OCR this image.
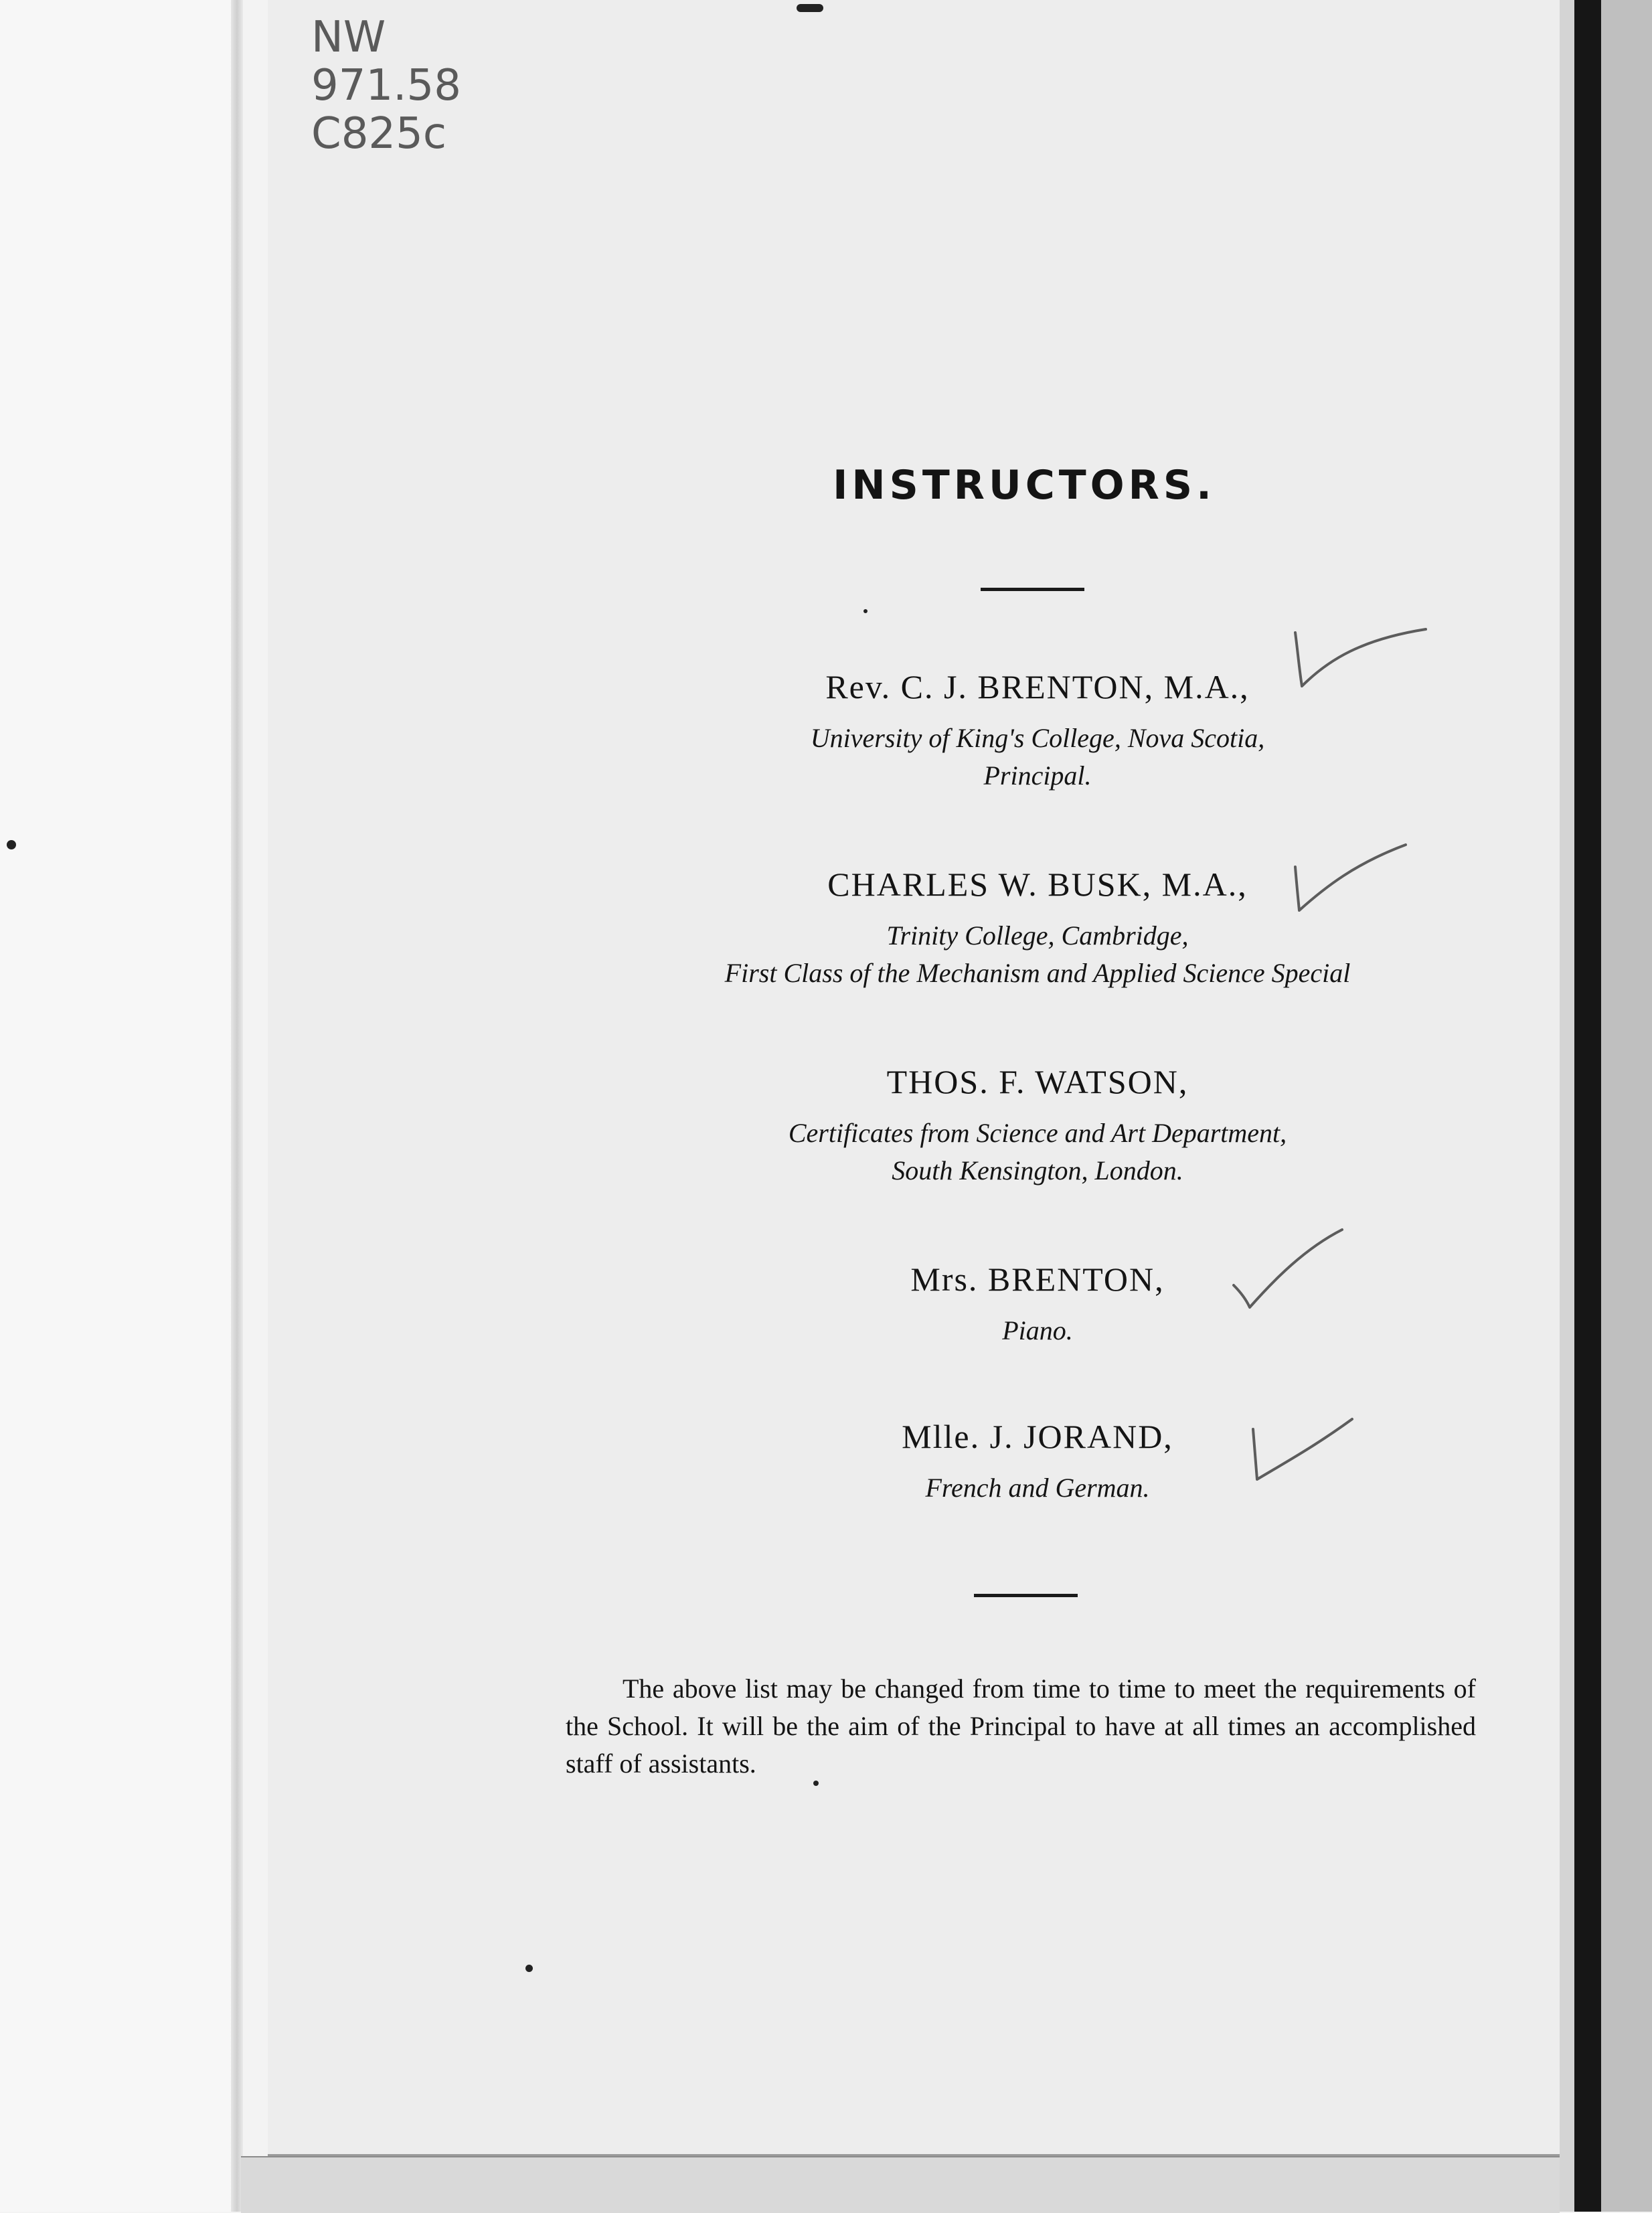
NW
971.58
C825c
INSTRUCTORS.
Rev. C. J. BRENTON, M.A.,
University of King's College, Nova Scotia,
Principal.
CHARLES W. BUSK, M.A.,
Trinity College, Cambridge,
First Class of the Mechanism and Applied Science Special
THOS. F. WATSON,
Certificates from Science and Art Department,
South Kensington, London.
Mrs. BRENTON,
Piano.
Mlle. J. JORAND,
French and German.

The above list may be changed from time to time to meet the requirements of the School. It will be the aim of the Principal to have at all times an accomplished staff of assistants.
